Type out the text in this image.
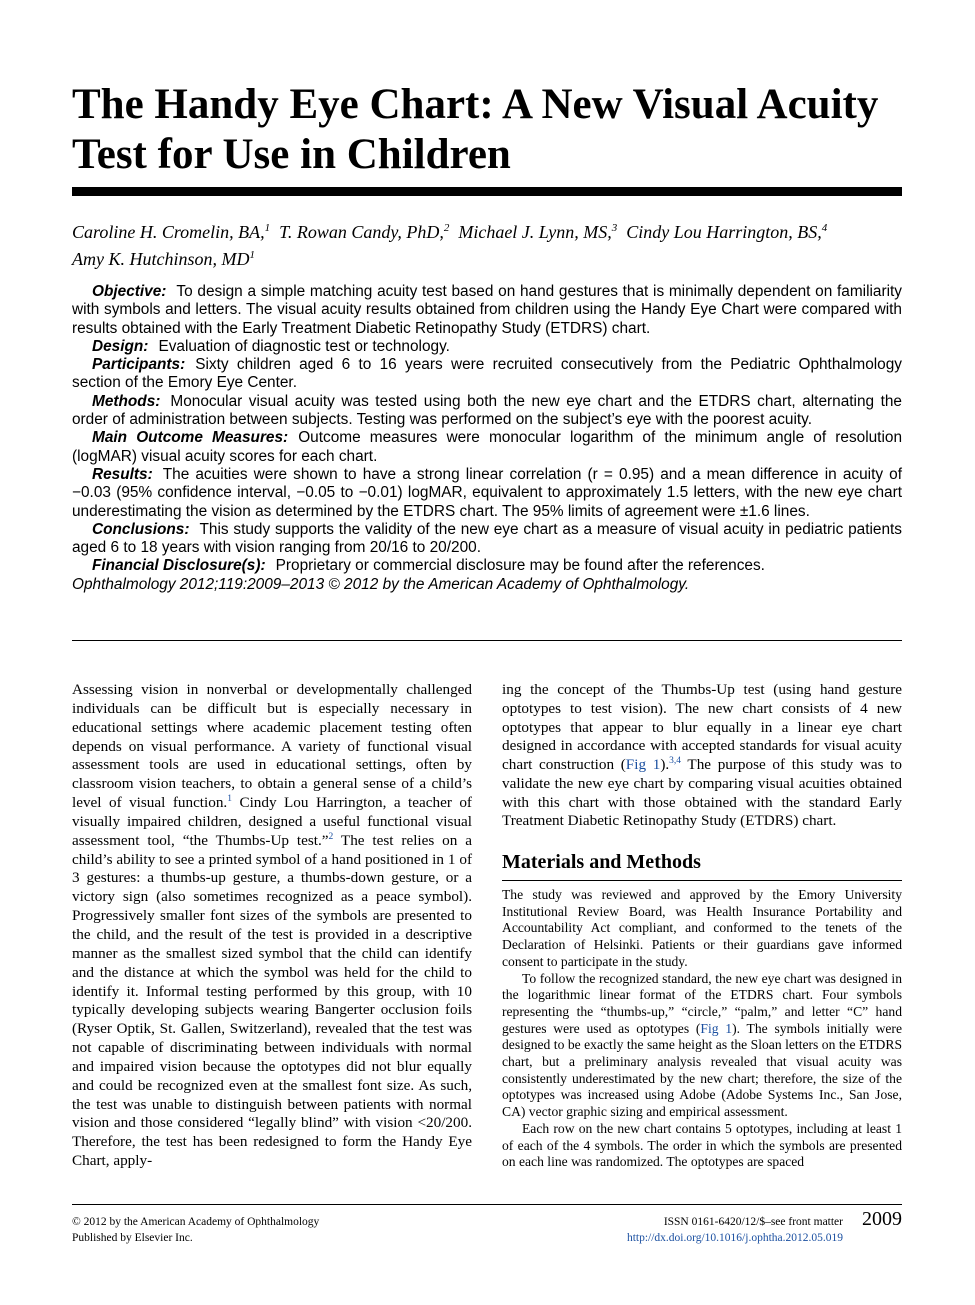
The Handy Eye Chart: A New Visual Acuity Test for Use in Children
Caroline H. Cromelin, BA,$^1$ T. Rowan Candy, PhD,$^2$ Michael J. Lynn, MS,$^3$ Cindy Lou Harrington, BS,$^4$
Amy K. Hutchinson, $MD^1$

Objective: To design a simple matching acuity test based on hand gestures that is minimally dependent on familiarity with symbols and letters. The visual acuity results obtained from children using the Handy Eye Chart were compared with results obtained with the Early Treatment Diabetic Retinopathy Study (ETDRS) chart.

Design: Evaluation of diagnostic test or technology.

Participants: Sixty children aged 6 to 16 years were recruited consecutively from the Pediatric Ophthalmology section of the Emory Eye Center.

Methods: Monocular visual acuity was tested using both the new eye chart and the ETDRS chart, alternating the order of administration between subjects. Testing was performed on the subject’s eye with the poorest acuity.

Main Outcome Measures: Outcome measures were monocular logarithm of the minimum angle of resolution (logMAR) visual acuity scores for each chart.

Results: The acuities were shown to have a strong linear correlation (r = 0.95) and a mean difference in acuity of −0.03 (95% confidence interval, −0.05 to −0.01) logMAR, equivalent to approximately 1.5 letters, with the new eye chart underestimating the vision as determined by the ETDRS chart. The 95% limits of agreement were ±1.6 lines.

Conclusions: This study supports the validity of the new eye chart as a measure of visual acuity in pediatric patients aged 6 to 18 years with vision ranging from 20/16 to 20/200.

Financial Disclosure(s): Proprietary or commercial disclosure may be found after the references.

Ophthalmology 2012;119:2009–2013 © 2012 by the American Academy of Ophthalmology.

Assessing vision in nonverbal or developmentally challenged individuals can be difficult but is especially necessary in educational settings where academic placement testing often depends on visual performance. A variety of functional visual assessment tools are used in educational settings, often by classroom vision teachers, to obtain a general sense of a child’s level of visual function.$^1$ Cindy Lou Harrington, a teacher of visually impaired children, designed a useful functional visual assessment tool, “the Thumbs-Up test.”$^2$ The test relies on a child’s ability to see a printed symbol of a hand positioned in 1 of 3 gestures: a thumbs-up gesture, a thumbs-down gesture, or a victory sign (also sometimes recognized as a peace symbol). Progressively smaller font sizes of the symbols are presented to the child, and the result of the test is provided in a descriptive manner as the smallest sized symbol that the child can identify and the distance at which the symbol was held for the child to identify it. Informal testing performed by this group, with 10 typically developing subjects wearing Bangerter occlusion foils (Ryser Optik, St. Gallen, Switzerland), revealed that the test was not capable of discriminating between individuals with normal and impaired vision because the optotypes did not blur equally and could be recognized even at the smallest font size. As such, the test was unable to distinguish between patients with normal vision and those considered “legally blind” with vision <20/200. Therefore, the test has been redesigned to form the Handy Eye Chart, apply-

ing the concept of the Thumbs-Up test (using hand gesture optotypes to test vision). The new chart consists of 4 new optotypes that appear to blur equally in a linear eye chart designed in accordance with accepted standards for visual acuity chart construction (Fig 1).$^{3,4}$ The purpose of this study was to validate the new eye chart by comparing visual acuities obtained with this chart with those obtained with the standard Early Treatment Diabetic Retinopathy Study (ETDRS) chart.

Materials and Methods

The study was reviewed and approved by the Emory University Institutional Review Board, was Health Insurance Portability and Accountability Act compliant, and conformed to the tenets of the Declaration of Helsinki. Patients or their guardians gave informed consent to participate in the study.

To follow the recognized standard, the new eye chart was designed in the logarithmic linear format of the ETDRS chart. Four symbols representing the “thumbs-up,” “circle,” “palm,” and letter “C” hand gestures were used as optotypes (Fig 1). The symbols initially were designed to be exactly the same height as the Sloan letters on the ETDRS chart, but a preliminary analysis revealed that visual acuity was consistently underestimated by the new chart; therefore, the size of the optotypes was increased using Adobe (Adobe Systems Inc., San Jose, CA) vector graphic sizing and empirical assessment.

Each row on the new chart contains 5 optotypes, including at least 1 of each of the 4 symbols. The order in which the symbols are presented on each line was randomized. The optotypes are spaced

© 2012 by the American Academy of Ophthalmology
Published by Elsevier Inc.
ISSN 0161-6420/12/$–see front matter
http://dx.doi.org/10.1016/j.ophtha.2012.05.019
2009
